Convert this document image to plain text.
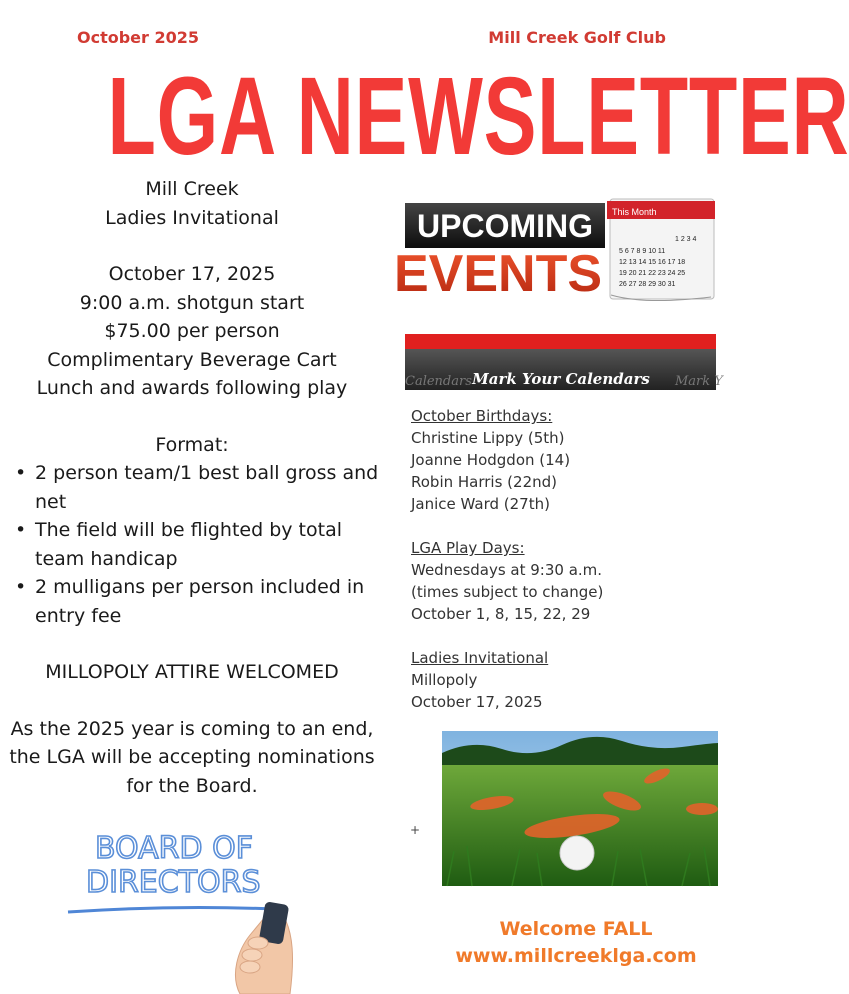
October 2025	Mill Creek Golf Club
LGA NEWSLETTER

Mill Creek

Ladies Invitational

October 17, 2025

9:00 a.m. shotgun start

$75.00 per person

Complimentary Beverage Cart

Lunch and awards following play

Format:

• 2 person team/1 best ball gross and net
• The field will be flighted by total team handicap
• 2 mulligans per person included in entry fee

MILLOPOLY ATTIRE WELCOMED

As the 2025 year is coming to an end, the LGA will be accepting nominations for the Board.

UPCOMING
EVENTS
This Month
1 2 3 4
5 6 7 8 9 10 11
12 13 14 15 16 17 18
19 20 21 22 23 24 25
26 27 28 29 30 31
Calendars Mark Your Calendars Mark Y

October Birthdays:

Christine Lippy (5th)

Joanne Hodgdon (14)

Robin Harris (22nd)

Janice Ward (27th)

LGA Play Days:

Wednesdays at 9:30 a.m.

(times subject to change)

October 1, 8, 15, 22, 29

Ladies Invitational

Millopoly

October 17, 2025

+
BOARD OF
DIRECTORS
Welcome FALL
www.millcreeklga.com
